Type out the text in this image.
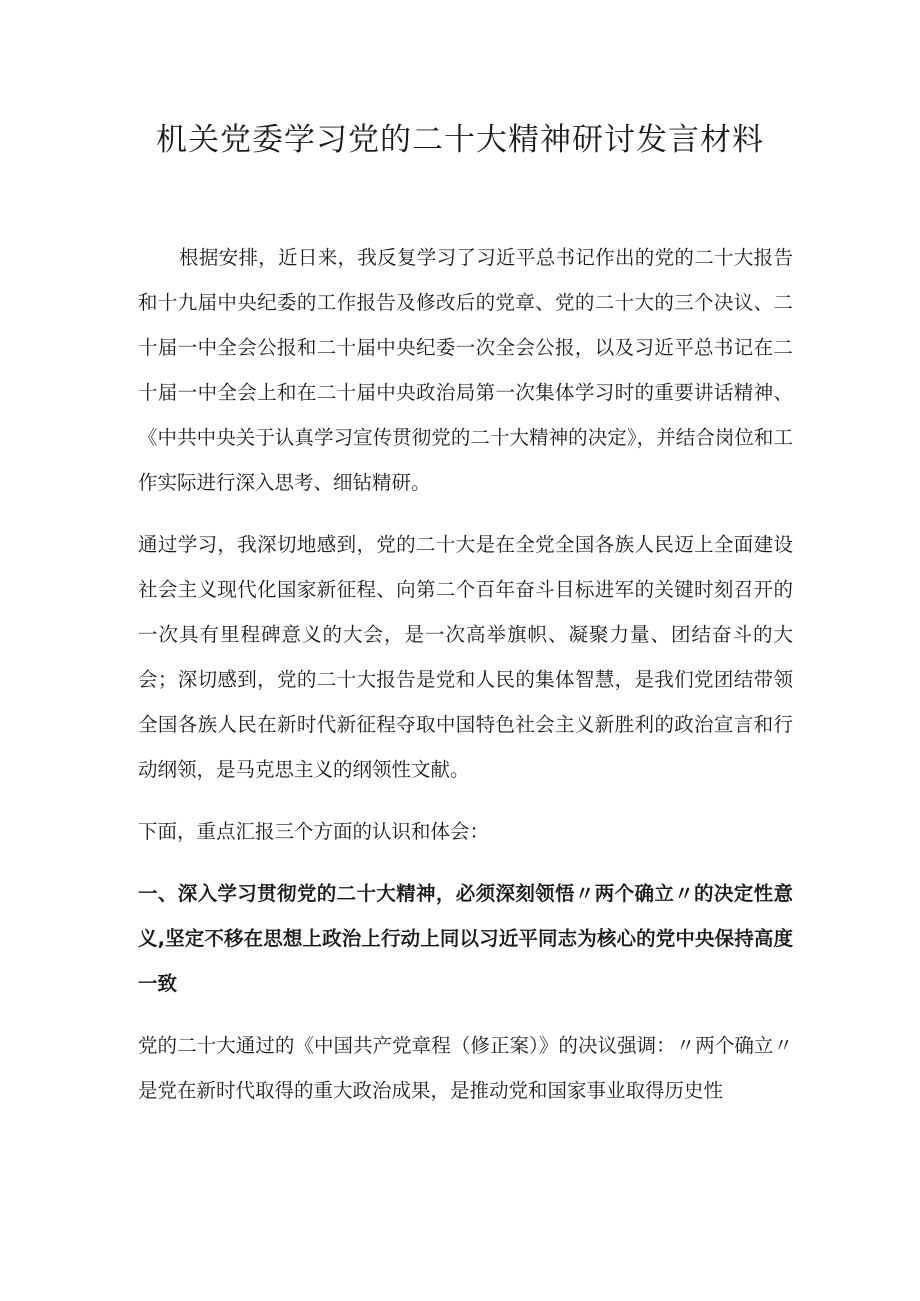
机关党委学习党的二十大精神研讨发言材料

根据安排，近日来，我反复学习了习近平总书记作出的党的二十大报告和十九届中央纪委的工作报告及修改后的党章、党的二十大的三个决议、二十届一中全会公报和二十届中央纪委一次全会公报，以及习近平总书记在二十届一中全会上和在二十届中央政治局第一次集体学习时的重要讲话精神、《中共中央关于认真学习宣传贯彻党的二十大精神的决定》，并结合岗位和工作实际进行深入思考、细钻精研。

通过学习，我深切地感到，党的二十大是在全党全国各族人民迈上全面建设社会主义现代化国家新征程、向第二个百年奋斗目标进军的关键时刻召开的一次具有里程碑意义的大会，是一次高举旗帜、凝聚力量、团结奋斗的大会；深切感到，党的二十大报告是党和人民的集体智慧，是我们党团结带领全国各族人民在新时代新征程夺取中国特色社会主义新胜利的政治宣言和行动纲领，是马克思主义的纲领性文献。

下面，重点汇报三个方面的认识和体会：

一、深入学习贯彻党的二十大精神，必须深刻领悟〃两个确立〃的决定性意义,坚定不移在思想上政治上行动上同以习近平同志为核心的党中央保持高度一致

党的二十大通过的《中国共产党章程（修正案）》的决议强调：〃两个确立〃是党在新时代取得的重大政治成果，是推动党和国家事业取得历史性
